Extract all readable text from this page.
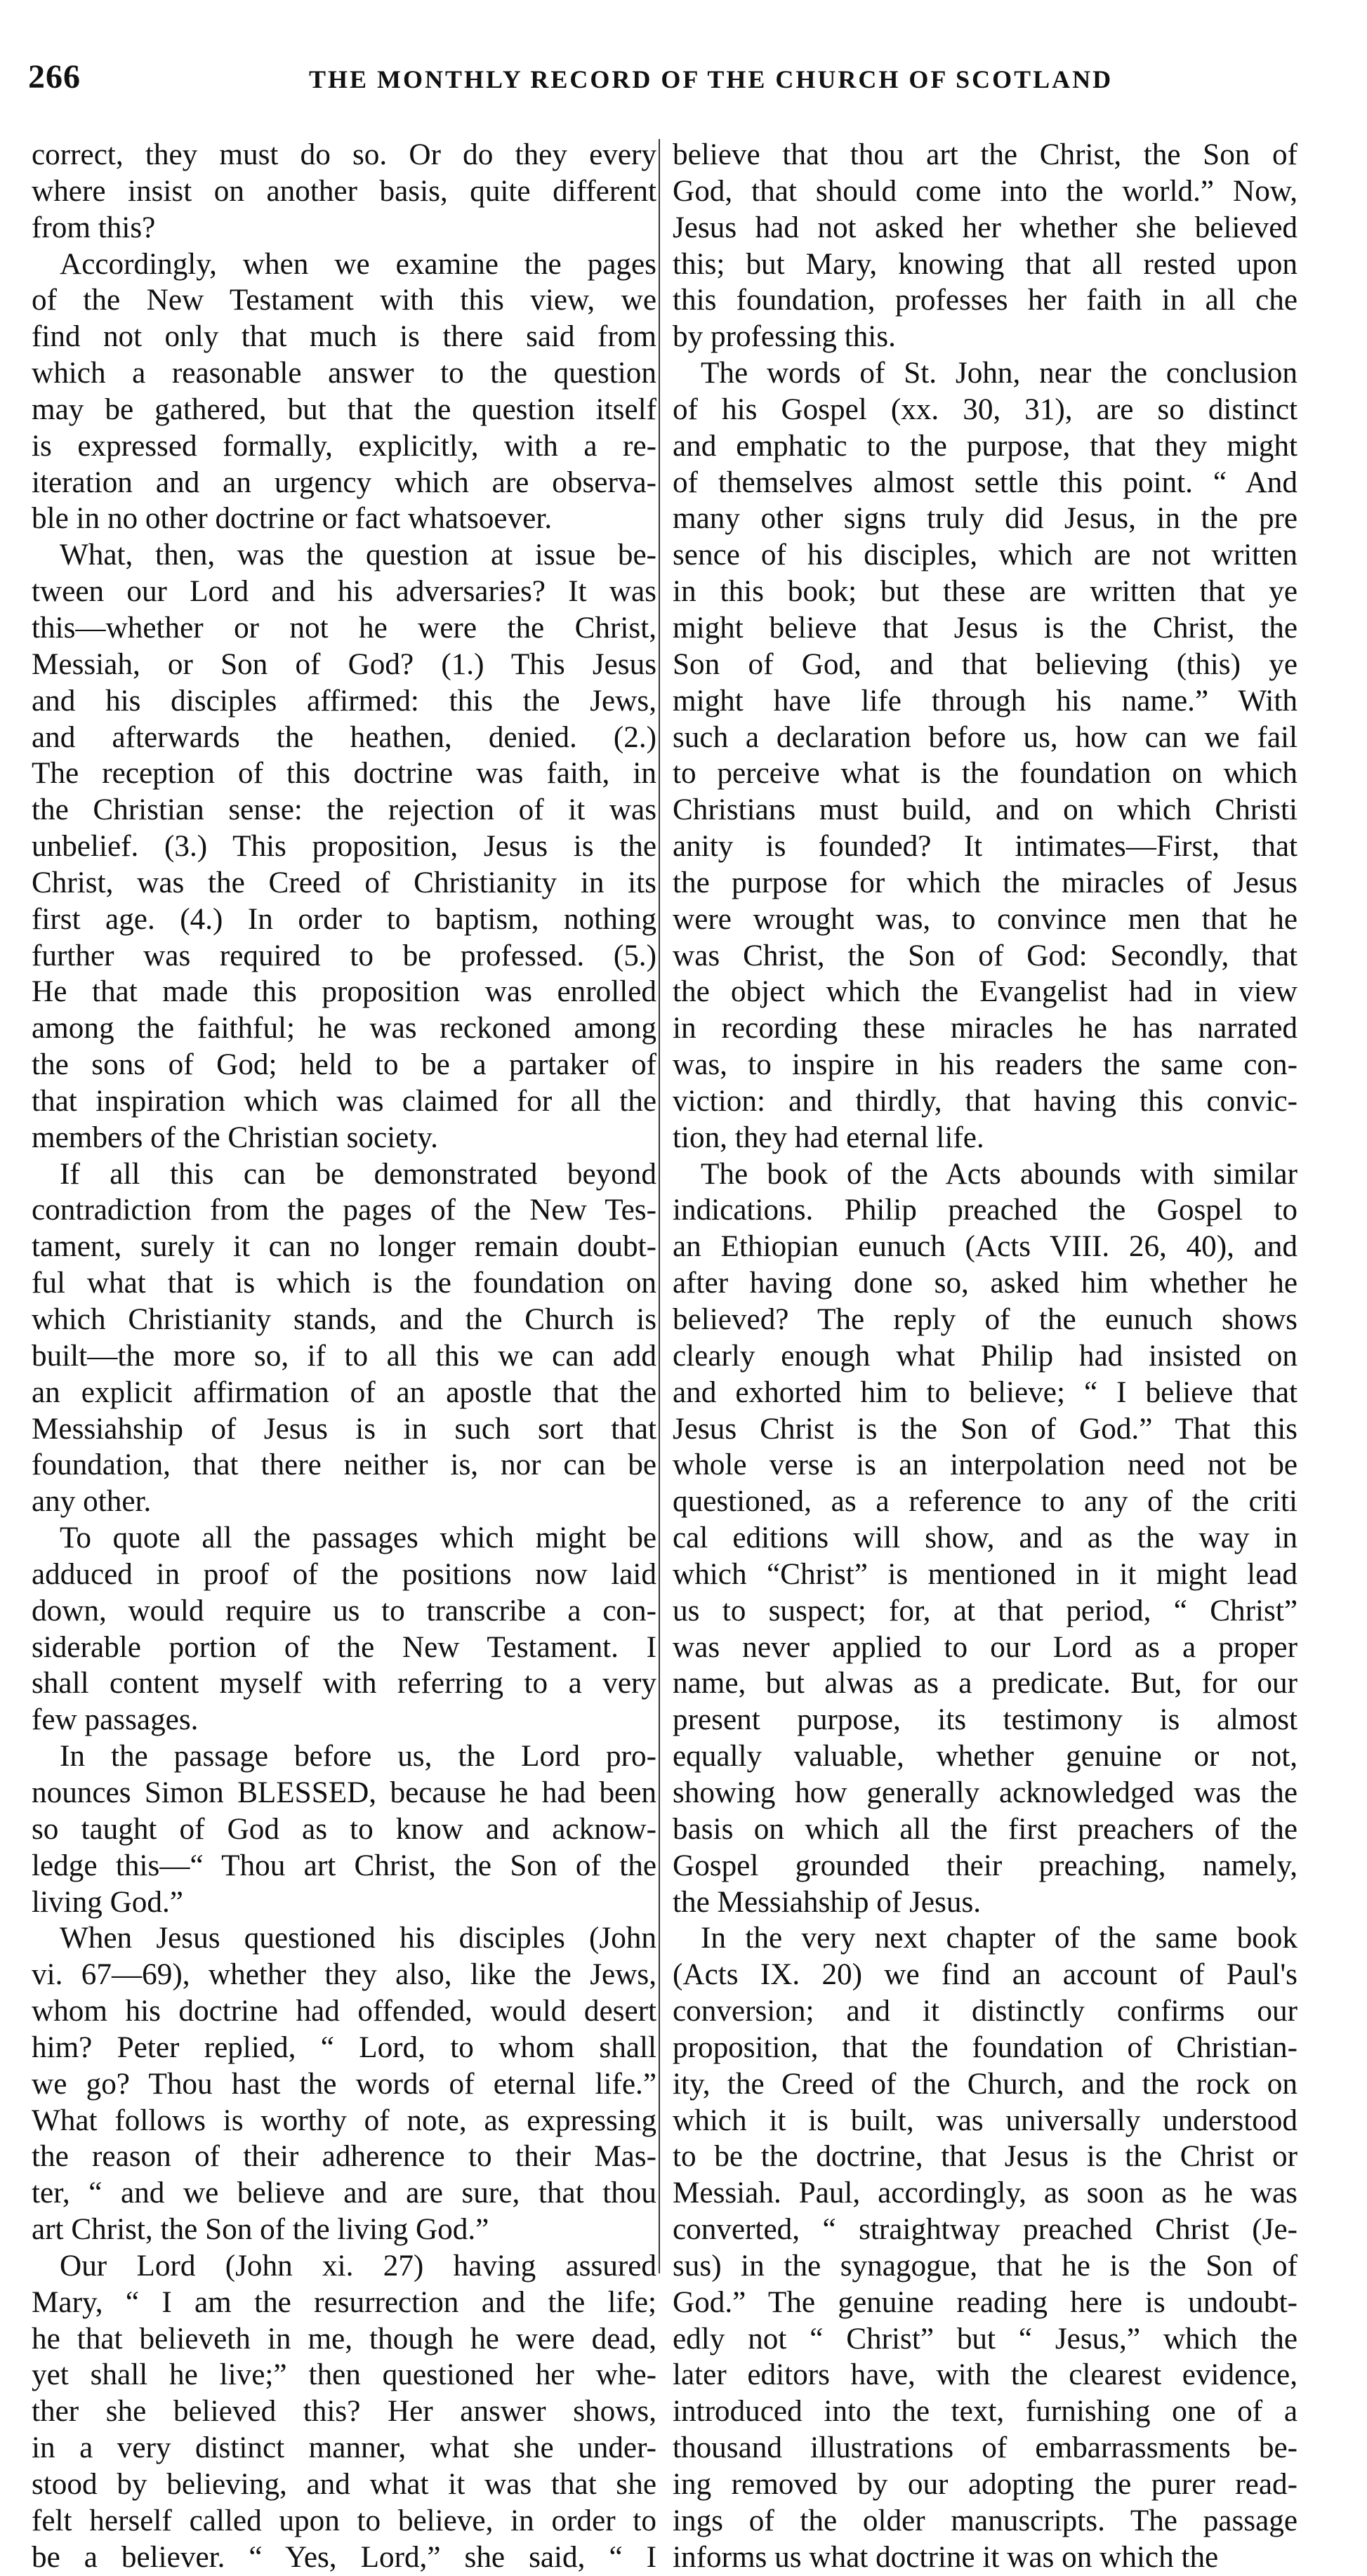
266	THE MONTHLY RECORD OF THE CHURCH OF SCOTLAND
correct, they must do so. Or do they every
where insist on another basis, quite different
from this?
Accordingly, when we examine the pages
of the New Testament with this view, we
find not only that much is there said from
which a reasonable answer to the question
may be gathered, but that the question itself
is expressed formally, explicitly, with a re-
iteration and an urgency which are observa-
ble in no other doctrine or fact whatsoever.
What, then, was the question at issue be-
tween our Lord and his adversaries? It was
this—whether or not he were the Christ,
Messiah, or Son of God? (1.) This Jesus
and his disciples affirmed: this the Jews,
and afterwards the heathen, denied. (2.)
The reception of this doctrine was faith, in
the Christian sense: the rejection of it was
unbelief. (3.) This proposition, Jesus is the
Christ, was the Creed of Christianity in its
first age. (4.) In order to baptism, nothing
further was required to be professed. (5.)
He that made this proposition was enrolled
among the faithful; he was reckoned among
the sons of God; held to be a partaker of
that inspiration which was claimed for all the
members of the Christian society.
If all this can be demonstrated beyond
contradiction from the pages of the New Tes-
tament, surely it can no longer remain doubt-
ful what that is which is the foundation on
which Christianity stands, and the Church is
built—the more so, if to all this we can add
an explicit affirmation of an apostle that the
Messiahship of Jesus is in such sort that
foundation, that there neither is, nor can be
any other.
To quote all the passages which might be
adduced in proof of the positions now laid
down, would require us to transcribe a con-
siderable portion of the New Testament. I
shall content myself with referring to a very
few passages.
In the passage before us, the Lord pro-
nounces Simon BLESSED, because he had been
so taught of God as to know and acknow-
ledge this—“ Thou art Christ, the Son of the
living God.”
When Jesus questioned his disciples (John
vi. 67—69), whether they also, like the Jews,
whom his doctrine had offended, would desert
him? Peter replied, “ Lord, to whom shall
we go? Thou hast the words of eternal life.”
What follows is worthy of note, as expressing
the reason of their adherence to their Mas-
ter, “ and we believe and are sure, that thou
art Christ, the Son of the living God.”
Our Lord (John xi. 27) having assured
Mary, “ I am the resurrection and the life;
he that believeth in me, though he were dead,
yet shall he live;” then questioned her whe-
ther she believed this? Her answer shows,
in a very distinct manner, what she under-
stood by believing, and what it was that she
felt herself called upon to believe, in order to
be a believer. “ Yes, Lord,” she said, “ I
believe that thou art the Christ, the Son of
God, that should come into the world.” Now,
Jesus had not asked her whether she believed
this; but Mary, knowing that all rested upon
this foundation, professes her faith in all che
by professing this.
The words of St. John, near the conclusion
of his Gospel (xx. 30, 31), are so distinct
and emphatic to the purpose, that they might
of themselves almost settle this point. “ And
many other signs truly did Jesus, in the pre
sence of his disciples, which are not written
in this book; but these are written that ye
might believe that Jesus is the Christ, the
Son of God, and that believing (this) ye
might have life through his name.” With
such a declaration before us, how can we fail
to perceive what is the foundation on which
Christians must build, and on which Christi
anity is founded? It intimates—First, that
the purpose for which the miracles of Jesus
were wrought was, to convince men that he
was Christ, the Son of God: Secondly, that
the object which the Evangelist had in view
in recording these miracles he has narrated
was, to inspire in his readers the same con-
viction: and thirdly, that having this convic-
tion, they had eternal life.
The book of the Acts abounds with similar
indications. Philip preached the Gospel to
an Ethiopian eunuch (Acts VIII. 26, 40), and
after having done so, asked him whether he
believed? The reply of the eunuch shows
clearly enough what Philip had insisted on
and exhorted him to believe; “ I believe that
Jesus Christ is the Son of God.” That this
whole verse is an interpolation need not be
questioned, as a reference to any of the criti
cal editions will show, and as the way in
which “Christ” is mentioned in it might lead
us to suspect; for, at that period, “ Christ”
was never applied to our Lord as a proper
name, but alwas as a predicate. But, for our
present purpose, its testimony is almost
equally valuable, whether genuine or not,
showing how generally acknowledged was the
basis on which all the first preachers of the
Gospel grounded their preaching, namely,
the Messiahship of Jesus.
In the very next chapter of the same book
(Acts IX. 20) we find an account of Paul's
conversion; and it distinctly confirms our
proposition, that the foundation of Christian-
ity, the Creed of the Church, and the rock on
which it is built, was universally understood
to be the doctrine, that Jesus is the Christ or
Messiah. Paul, accordingly, as soon as he was
converted, “ straightway preached Christ (Je-
sus) in the synagogue, that he is the Son of
God.” The genuine reading here is undoubt-
edly not “ Christ” but “ Jesus,” which the
later editors have, with the clearest evidence,
introduced into the text, furnishing one of a
thousand illustrations of embarrassments be-
ing removed by our adopting the purer read-
ings of the older manuscripts. The passage
informs us what doctrine it was on which the
